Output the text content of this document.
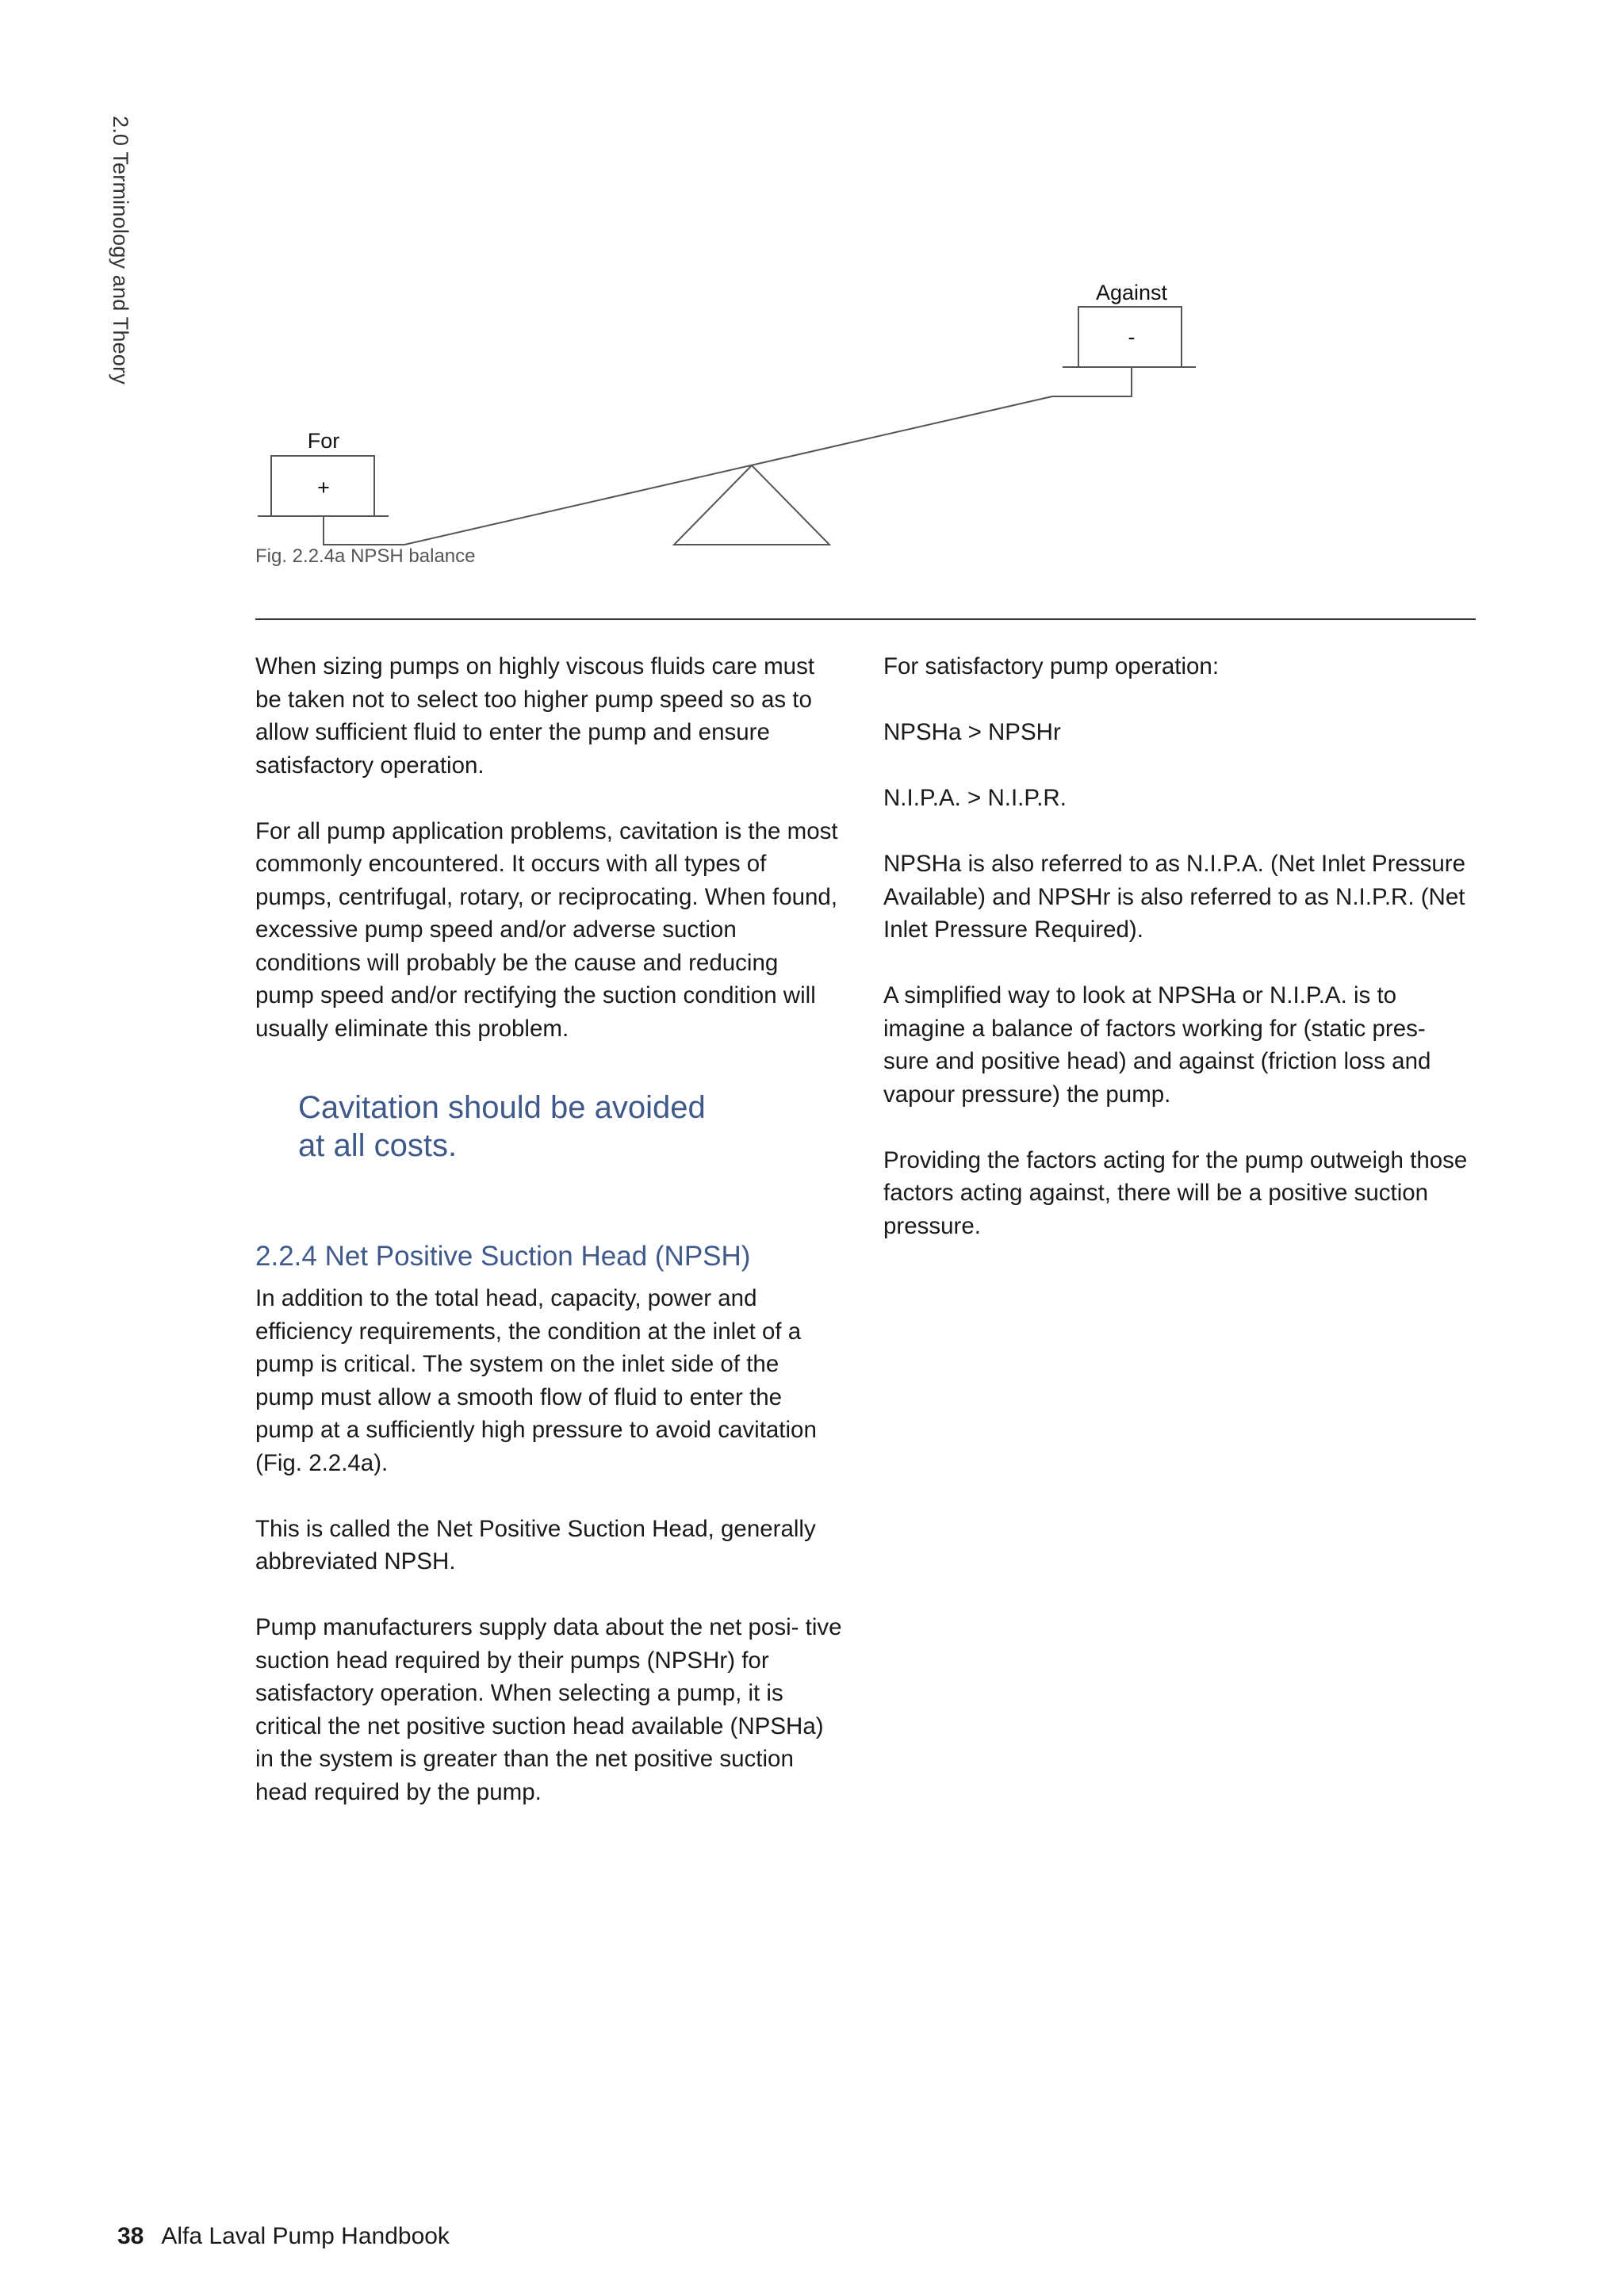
2.0 Terminology and Theory	Against
-
For
+
Fig. 2.2.4a NPSH balance

When sizing pumps on highly viscous fluids care must be taken not to select too higher pump speed so as to allow sufficient fluid to enter the pump and ensure satisfactory operation.

For all pump application problems, cavitation is the most commonly encountered. It occurs with all types of pumps, centrifugal, rotary, or reciprocating. When found, excessive pump speed and/or adverse suction conditions will probably be the cause and reducing pump speed and/or rectifying the suction condition will usually eliminate this problem.

Cavitation should be avoided
at all costs.
2.2.4 Net Positive Suction Head (NPSH)

In addition to the total head, capacity, power and efficiency requirements, the condition at the inlet of a pump is critical. The system on the inlet side of the pump must allow a smooth flow of fluid to enter the pump at a sufficiently high pressure to avoid cavitation (Fig. 2.2.4a).

This is called the Net Positive Suction Head, generally abbreviated NPSH.

Pump manufacturers supply data about the net posi- tive suction head required by their pumps (NPSHr) for satisfactory operation. When selecting a pump, it is critical the net positive suction head available (NPSHa) in the system is greater than the net positive suction head required by the pump.

For satisfactory pump operation:

NPSHa > NPSHr

N.I.P.A. > N.I.P.R.

NPSHa is also referred to as N.I.P.A. (Net Inlet Pressure Available) and NPSHr is also referred to as N.I.P.R. (Net Inlet Pressure Required).

A simplified way to look at NPSHa or N.I.P.A. is to imagine a balance of factors working for (static pres- sure and positive head) and against (friction loss and vapour pressure) the pump.

Providing the factors acting for the pump outweigh those factors acting against, there will be a positive suction pressure.

38 Alfa Laval Pump Handbook
